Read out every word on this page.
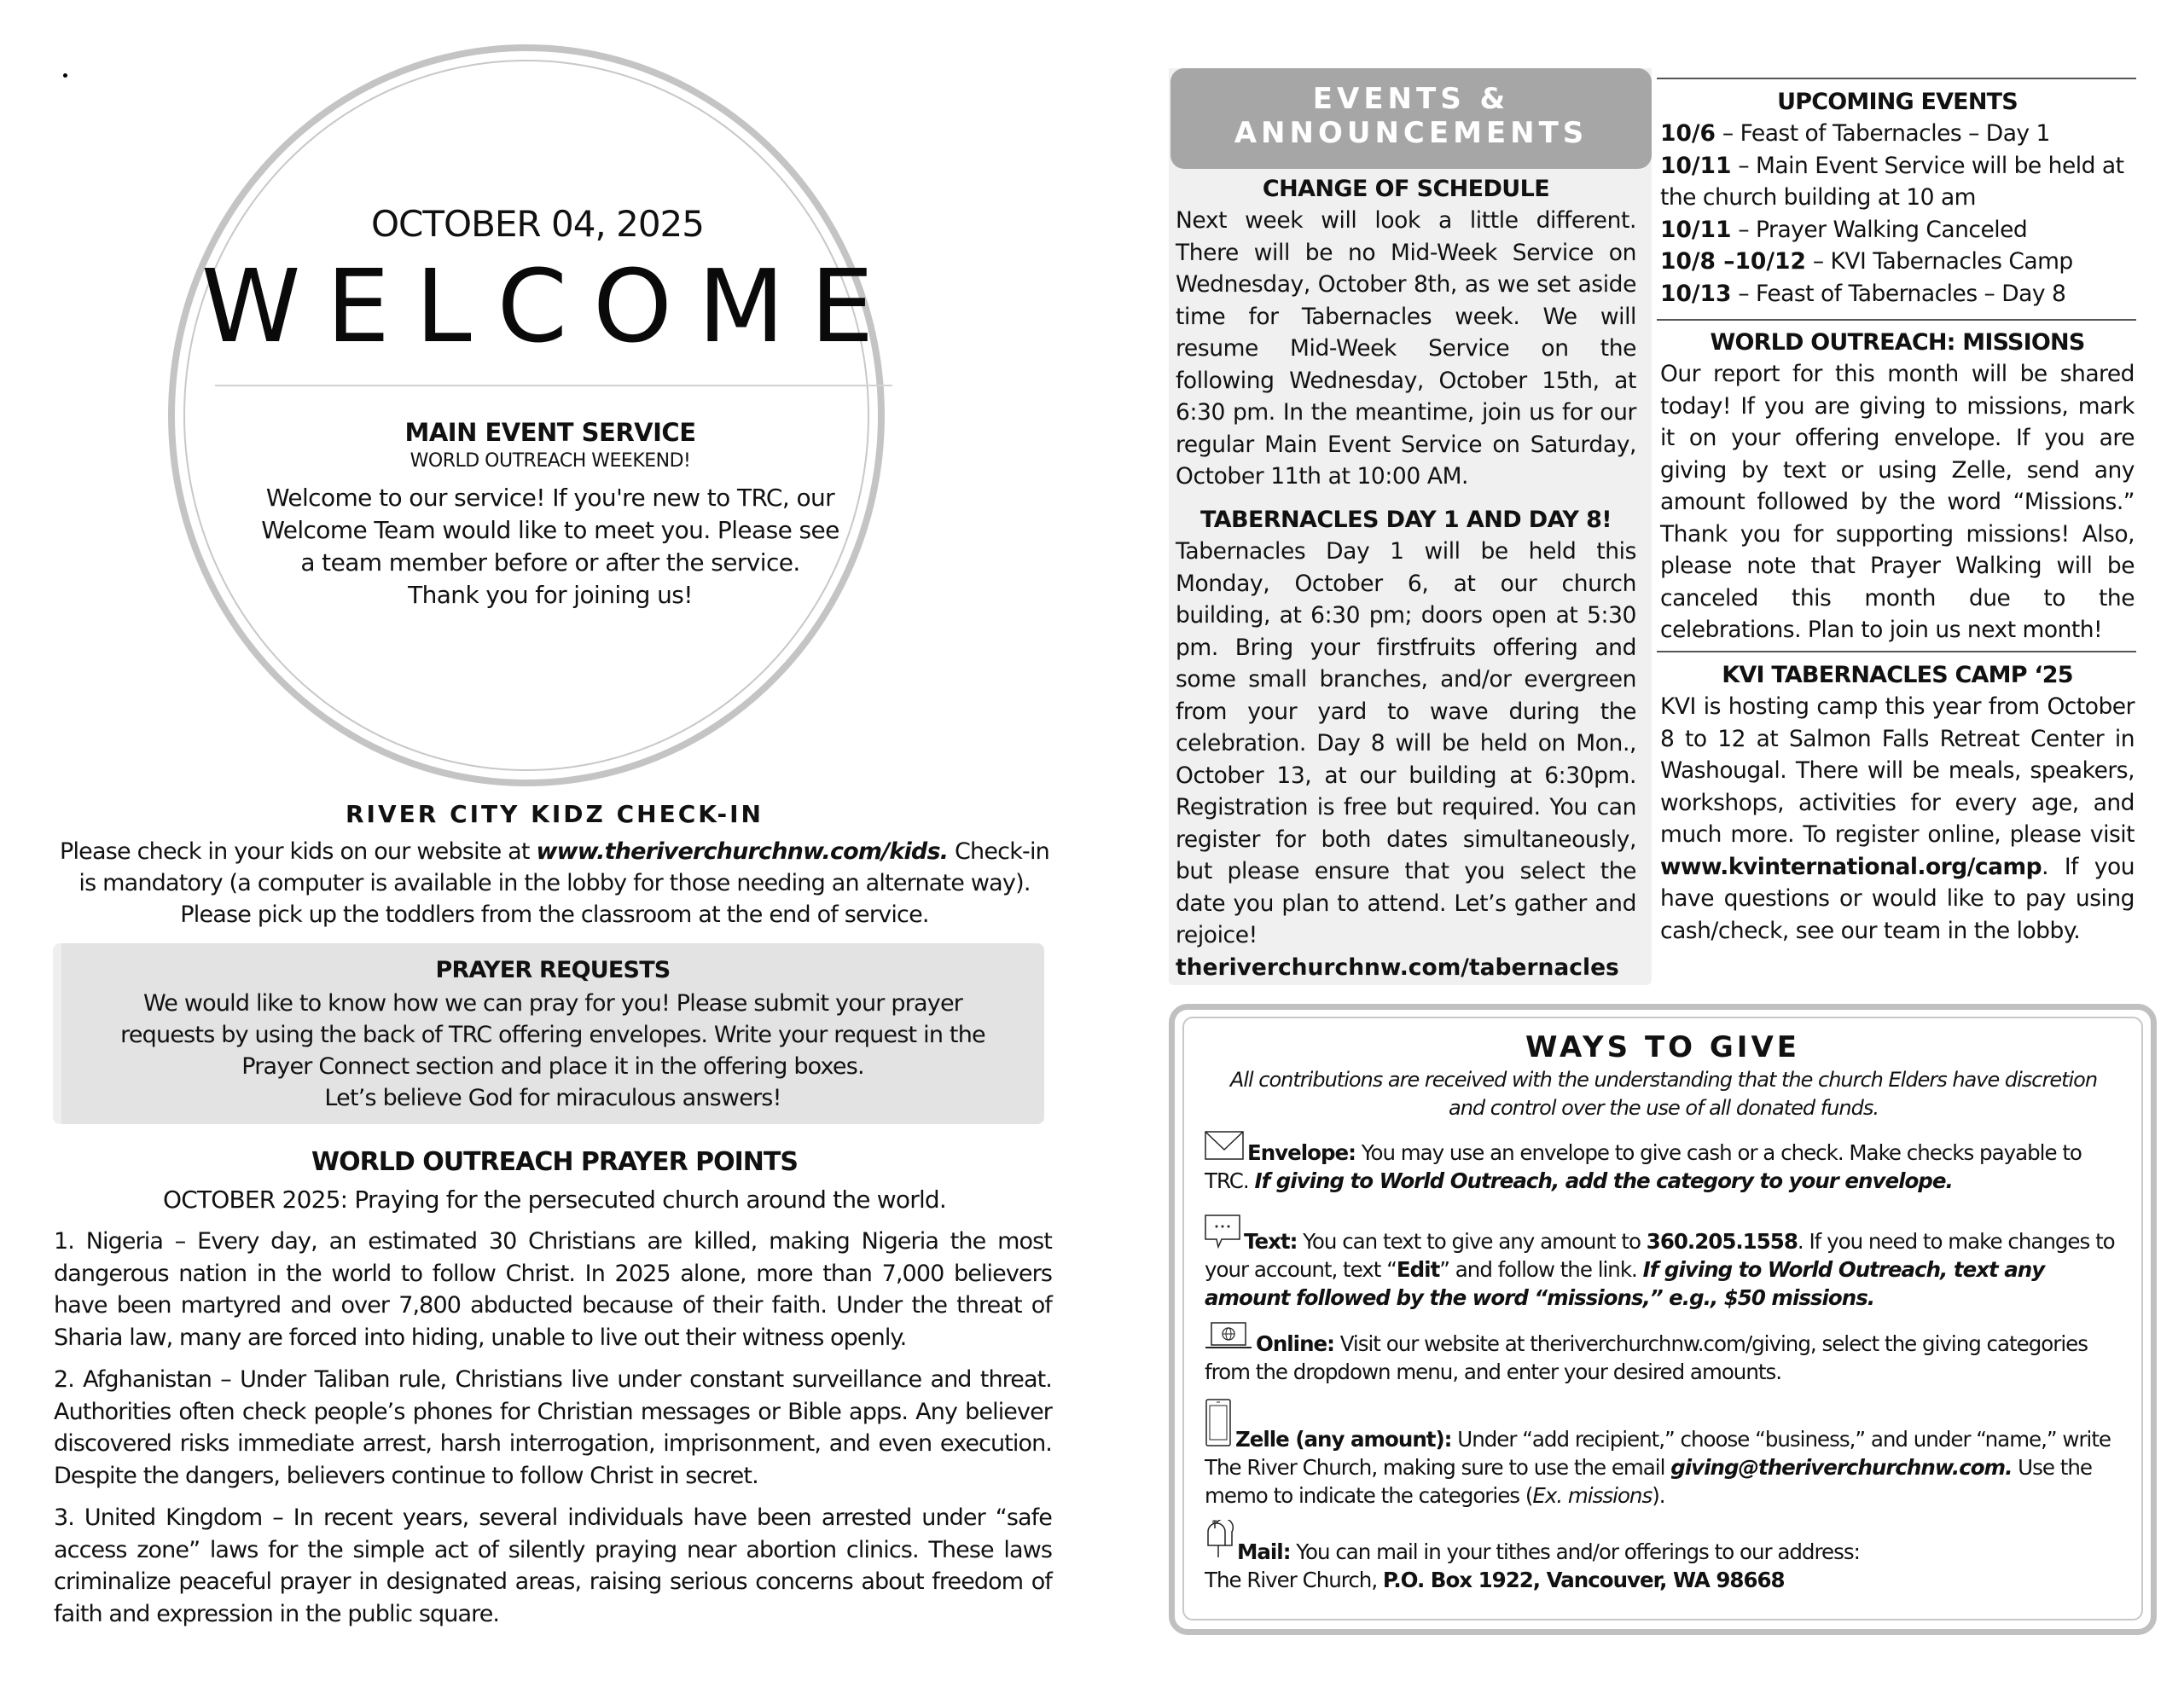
OCTOBER 04, 2025
WELCOME
MAIN EVENT SERVICE
WORLD OUTREACH WEEKEND!
Welcome to our service! If you're new to TRC, our
Welcome Team would like to meet you. Please see
a team member before or after the service.
Thank you for joining us!
RIVER CITY KIDZ CHECK-IN
Please check in your kids on our website at www.theriverchurchnw.com/kids. Check-in is mandatory (a computer is available in the lobby for those needing an alternate way). Please pick up the toddlers from the classroom at the end of service.
PRAYER REQUESTS
We would like to know how we can pray for you! Please submit your prayer
requests by using the back of TRC offering envelopes. Write your request in the
Prayer Connect section and place it in the offering boxes.
Let’s believe God for miraculous answers!
WORLD OUTREACH PRAYER POINTS
OCTOBER 2025: Praying for the persecuted church around the world.

1. Nigeria – Every day, an estimated 30 Christians are killed, making Nigeria the most dangerous nation in the world to follow Christ. In 2025 alone, more than 7,000 believers have been martyred and over 7,800 abducted because of their faith. Under the threat of Sharia law, many are forced into hiding, unable to live out their witness openly.

2. Afghanistan – Under Taliban rule, Christians live under constant surveillance and threat. Authorities often check people’s phones for Christian messages or Bible apps. Any believer discovered risks immediate arrest, harsh interrogation, imprisonment, and even execution. Despite the dangers, believers continue to follow Christ in secret.

3. United Kingdom – In recent years, several individuals have been arrested under “safe access zone” laws for the simple act of silently praying near abortion clinics. These laws criminalize peaceful prayer in designated areas, raising serious concerns about freedom of faith and expression in the public square.

EVENTS &
ANNOUNCEMENTS
CHANGE OF SCHEDULE

Next week will look a little different. There will be no Mid-Week Service on Wednesday, October 8th, as we set aside time for Tabernacles week. We will resume Mid-Week Service on the following Wednesday, October 15th, at 6:30 pm. In the meantime, join us for our regular Main Event Service on Saturday, October 11th at 10:00 AM.

TABERNACLES DAY 1 AND DAY 8!

Tabernacles Day 1 will be held this Monday, October 6, at our church building, at 6:30 pm; doors open at 5:30 pm. Bring your firstfruits offering and some small branches, and/or evergreen from your yard to wave during the celebration. Day 8 will be held on Mon., October 13, at our building at 6:30pm. Registration is free but required. You can register for both dates simultaneously, but please ensure that you select the date you plan to attend. Let’s gather and rejoice!

theriverchurchnw.com/tabernacles
UPCOMING EVENTS
10/6 – Feast of Tabernacles – Day 1
10/11 – Main Event Service will be held at the church building at 10 am
10/11 – Prayer Walking Canceled
10/8 –10/12 – KVI Tabernacles Camp
10/13 – Feast of Tabernacles – Day 8
WORLD OUTREACH: MISSIONS

Our report for this month will be shared today! If you are giving to missions, mark it on your offering envelope. If you are giving by text or using Zelle, send any amount followed by the word “Missions.” Thank you for supporting missions! Also, please note that Prayer Walking will be canceled this month due to the celebrations. Plan to join us next month!

KVI TABERNACLES CAMP ‘25

KVI is hosting camp this year from October 8 to 12 at Salmon Falls Retreat Center in Washougal. There will be meals, speakers, workshops, activities for every age, and much more. To register online, please visit www.kvinternational.org/camp. If you have questions or would like to pay using cash/check, see our team in the lobby.

WAYS TO GIVE
All contributions are received with the understanding that the church Elders have discretion and control over the use of all donated funds.
Envelope: You may use an envelope to give cash or a check. Make checks payable to TRC. If giving to World Outreach, add the category to your envelope.
Text: You can text to give any amount to 360.205.1558. If you need to make changes to your account, text “Edit” and follow the link. If giving to World Outreach, text any amount followed by the word “missions,” e.g., $50 missions.
Online: Visit our website at theriverchurchnw.com/giving, select the giving categories from the dropdown menu, and enter your desired amounts.
Zelle (any amount): Under “add recipient,” choose “business,” and under “name,” write The River Church, making sure to use the email giving@theriverchurchnw.com. Use the memo to indicate the categories (Ex. missions).
Mail: You can mail in your tithes and/or offerings to our address:
The River Church, P.O. Box 1922, Vancouver, WA 98668
